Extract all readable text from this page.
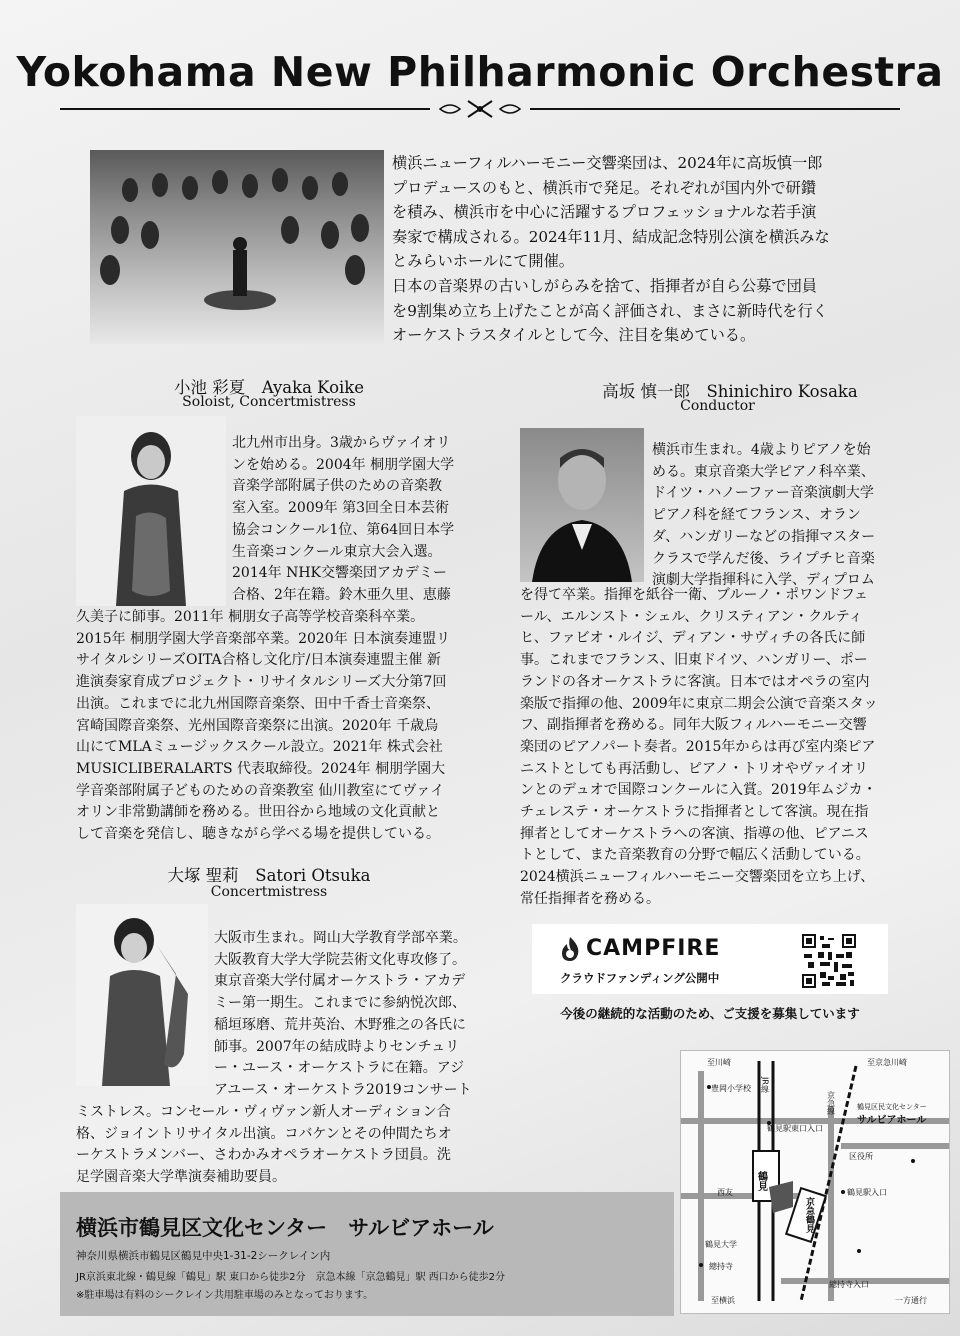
Yokohama New Philharmonic Orchestra
横浜ニューフィルハーモニー交響楽団は、2024年に高坂慎一郎
プロデュースのもと、横浜市で発足。それぞれが国内外で研鑽
を積み、横浜市を中心に活躍するプロフェッショナルな若手演
奏家で構成される。2024年11月、結成記念特別公演を横浜みな
とみらいホールにて開催。
日本の音楽界の古いしがらみを捨て、指揮者が自ら公募で団員
を9割集め立ち上げたことが高く評価され、まさに新時代を行く
オーケストラスタイルとして今、注目を集めている。
小池 彩夏　Ayaka Koike
Soloist, Concertmistress
北九州市出身。3歳からヴァイオリ
ンを始める。2004年 桐朋学園大学
音楽学部附属子供のための音楽教
室入室。2009年 第3回全日本芸術
協会コンクール1位、第64回日本学
生音楽コンクール東京大会入選。
2014年 NHK交響楽団アカデミー
合格、2年在籍。鈴木亜久里、恵藤
久美子に師事。2011年 桐朋女子高等学校音楽科卒業。
2015年 桐朋学園大学音楽部卒業。2020年 日本演奏連盟リ
サイタルシリーズOITA合格し文化庁/日本演奏連盟主催 新
進演奏家育成プロジェクト・リサイタルシリーズ大分第7回
出演。これまでに北九州国際音楽祭、田中千香士音楽祭、
宮崎国際音楽祭、光州国際音楽祭に出演。2020年 千歳烏
山にてMLAミュージックスクール設立。2021年 株式会社
MUSICLIBERALARTS 代表取締役。2024年 桐朋学園大
学音楽部附属子どものための音楽教室 仙川教室にてヴァイ
オリン非常勤講師を務める。世田谷から地域の文化貢献と
して音楽を発信し、聴きながら学べる場を提供している。
高坂 慎一郎　Shinichiro Kosaka
Conductor
横浜市生まれ。4歳よりピアノを始
める。東京音楽大学ピアノ科卒業、
ドイツ・ハノーファー音楽演劇大学
ピアノ科を経てフランス、オラン
ダ、ハンガリーなどの指揮マスター
クラスで学んだ後、ライプチヒ音楽
演劇大学指揮科に入学、ディプロム
を得て卒業。指揮を紙谷一衛、ブルーノ・ポワンドフェ
ール、エルンスト・シェル、クリスティアン・クルティ
ヒ、ファビオ・ルイジ、ディアン・サヴィチの各氏に師
事。これまでフランス、旧東ドイツ、ハンガリー、ポー
ランドの各オーケストラに客演。日本ではオペラの室内
楽版で指揮の他、2009年に東京二期会公演で音楽スタッ
フ、副指揮者を務める。同年大阪フィルハーモニー交響
楽団のピアノパート奏者。2015年からは再び室内楽ピア
ニストとしても再活動し、ピアノ・トリオやヴァイオリ
ンとのデュオで国際コンクールに入賞。2019年ムジカ・
チェレステ・オーケストラに指揮者として客演。現在指
揮者としてオーケストラへの客演、指導の他、ピアニス
トとして、また音楽教育の分野で幅広く活動している。
2024横浜ニューフィルハーモニー交響楽団を立ち上げ、
常任指揮者を務める。
大塚 聖莉　Satori Otsuka
Concertmistress
大阪市生まれ。岡山大学教育学部卒業。
大阪教育大学大学院芸術文化専攻修了。
東京音楽大学付属オーケストラ・アカデ
ミー第一期生。これまでに参納悦次郎、
稲垣琢磨、荒井英治、木野雅之の各氏に
師事。2007年の結成時よりセンチュリ
ー・ユース・オーケストラに在籍。アジ
アユース・オーケストラ2019コンサート
ミストレス。コンセール・ヴィヴァン新人オーディション合
格、ジョイントリサイタル出演。コバケンとその仲間たちオ
ーケストラメンバー、さわかみオペラオーケストラ団員。洗
足学園音楽大学準演奏補助要員。
CAMPFIRE
クラウドファンディング公開中
今後の継続的な活動のため、ご支援を募集しています
至川崎	至京急川崎
JR線
京急線
豊岡小学校
鶴見駅東口入口
鶴見区民文化センター
サルビアホール
区役所
鶴見
京急鶴見
西友	鶴見駅入口
鶴見大学
總持寺
總持寺入口
至横浜	一方通行
横浜市鶴見区文化センター　サルビアホール
神奈川県横浜市鶴見区鶴見中央1-31-2シークレイン内
JR京浜東北線・鶴見線「鶴見」駅 東口から徒歩2分　京急本線「京急鶴見」駅 西口から徒歩2分
※駐車場は有料のシークレイン共用駐車場のみとなっております。
